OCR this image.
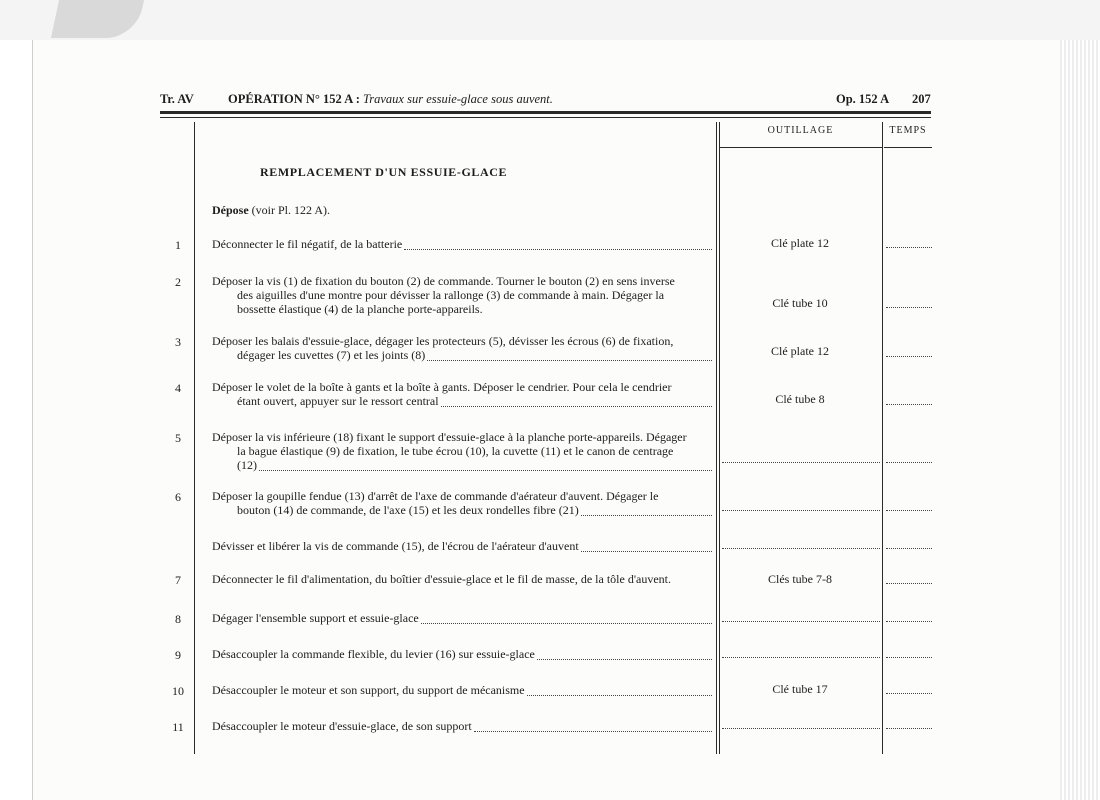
Tr. AV	OPÉRATION N° 152 A : Travaux sur essuie-glace sous auvent.	Op. 152 A 207
OUTILLAGE	TEMPS
REMPLACEMENT D'UN ESSUIE-GLACE
Dépose (voir Pl. 122 A).
1	Déconnecter le fil négatif, de la batterie	Clé plate 12
2	Déposer la vis (1) de fixation du bouton (2) de commande. Tourner le bouton (2) en sens inverse
des aiguilles d'une montre pour dévisser la rallonge (3) de commande à main. Dégager la
bossette élastique (4) de la planche porte-appareils.	Clé tube 10
3	Déposer les balais d'essuie-glace, dégager les protecteurs (5), dévisser les écrous (6) de fixation,
dégager les cuvettes (7) et les joints (8)	Clé plate 12
4	Déposer le volet de la boîte à gants et la boîte à gants. Déposer le cendrier. Pour cela le cendrier
étant ouvert, appuyer sur le ressort central	Clé tube 8
5	Déposer la vis inférieure (18) fixant le support d'essuie-glace à la planche porte-appareils. Dégager
la bague élastique (9) de fixation, le tube écrou (10), la cuvette (11) et le canon de centrage
(12)
6	Déposer la goupille fendue (13) d'arrêt de l'axe de commande d'aérateur d'auvent. Dégager le
bouton (14) de commande, de l'axe (15) et les deux rondelles fibre (21)
Dévisser et libérer la vis de commande (15), de l'écrou de l'aérateur d'auvent
7	Déconnecter le fil d'alimentation, du boîtier d'essuie-glace et le fil de masse, de la tôle d'auvent.	Clés tube 7-8
8	Dégager l'ensemble support et essuie-glace
9	Désaccoupler la commande flexible, du levier (16) sur essuie-glace
10	Désaccoupler le moteur et son support, du support de mécanisme	Clé tube 17
11	Désaccoupler le moteur d'essuie-glace, de son support
